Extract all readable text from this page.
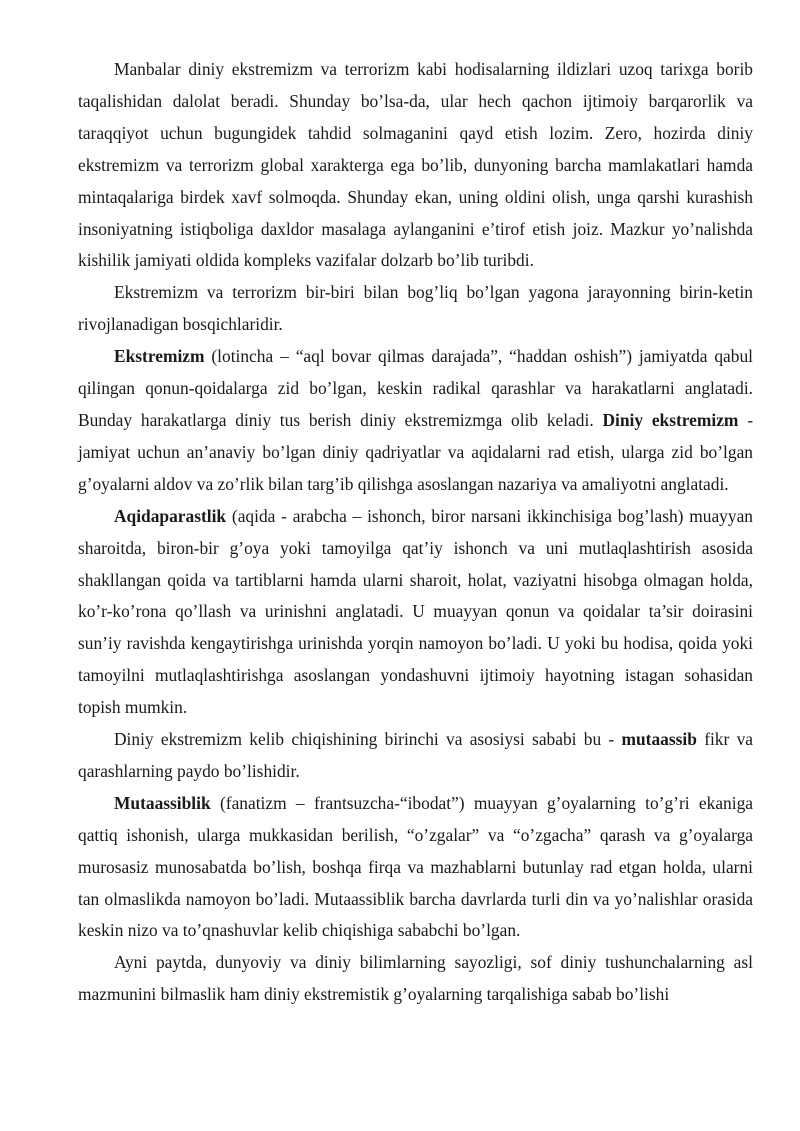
Manbalar diniy ekstremizm va terrorizm kabi hodisalarning ildizlari uzoq tarixga borib taqalishidan dalolat beradi. Shunday bo’lsa-da, ular hech qachon ijtimoiy barqarorlik va taraqqiyot uchun bugungidek tahdid solmaganini qayd etish lozim. Zero, hozirda diniy ekstremizm va terrorizm global xarakterga ega bo’lib, dunyoning barcha mamlakatlari hamda mintaqalariga birdek xavf solmoqda. Shunday ekan, uning oldini olish, unga qarshi kurashish insoniyatning istiqboliga daxldor masalaga aylanganini e’tirof etish joiz. Mazkur yo’nalishda kishilik jamiyati oldida kompleks vazifalar dolzarb bo’lib turibdi.

Ekstremizm va terrorizm bir-biri bilan bog’liq bo’lgan yagona jarayonning birin-ketin rivojlanadigan bosqichlaridir.

Ekstremizm (lotincha – “aql bovar qilmas darajada”, “haddan oshish”) jamiyatda qabul qilingan qonun-qoidalarga zid bo’lgan, keskin radikal qarashlar va harakatlarni anglatadi. Bunday harakatlarga diniy tus berish diniy ekstremizmga olib keladi. Diniy ekstremizm - jamiyat uchun an’anaviy bo’lgan diniy qadriyatlar va aqidalarni rad etish, ularga zid bo’lgan g’oyalarni aldov va zo’rlik bilan targ’ib qilishga asoslangan nazariya va amaliyotni anglatadi.

Aqidaparastlik (aqida - arabcha – ishonch, biror narsani ikkinchisiga bog’lash) muayyan sharoitda, biron-bir g’oya yoki tamoyilga qat’iy ishonch va uni mutlaqlashtirish asosida shakllangan qoida va tartiblarni hamda ularni sharoit, holat, vaziyatni hisobga olmagan holda, ko’r-ko’rona qo’llash va urinishni anglatadi. U muayyan qonun va qoidalar ta’sir doirasini sun’iy ravishda kengaytirishga urinishda yorqin namoyon bo’ladi. U yoki bu hodisa, qoida yoki tamoyilni mutlaqlashtirishga asoslangan yondashuvni ijtimoiy hayotning istagan sohasidan topish mumkin.

Diniy ekstremizm kelib chiqishining birinchi va asosiysi sababi bu - mutaassib fikr va qarashlarning paydo bo’lishidir.

Mutaassiblik (fanatizm – frantsuzcha-“ibodat”) muayyan g’oyalarning to’g’ri ekaniga qattiq ishonish, ularga mukkasidan berilish, “o’zgalar” va “o’zgacha” qarash va g’oyalarga murosasiz munosabatda bo’lish, boshqa firqa va mazhablarni butunlay rad etgan holda, ularni tan olmaslikda namoyon bo’ladi. Mutaassiblik barcha davrlarda turli din va yo’nalishlar orasida keskin nizo va to’qnashuvlar kelib chiqishiga sababchi bo’lgan.

Ayni paytda, dunyoviy va diniy bilimlarning sayozligi, sof diniy tushunchalarning asl mazmunini bilmaslik ham diniy ekstremistik g’oyalarning tarqalishiga sabab bo’lishi
